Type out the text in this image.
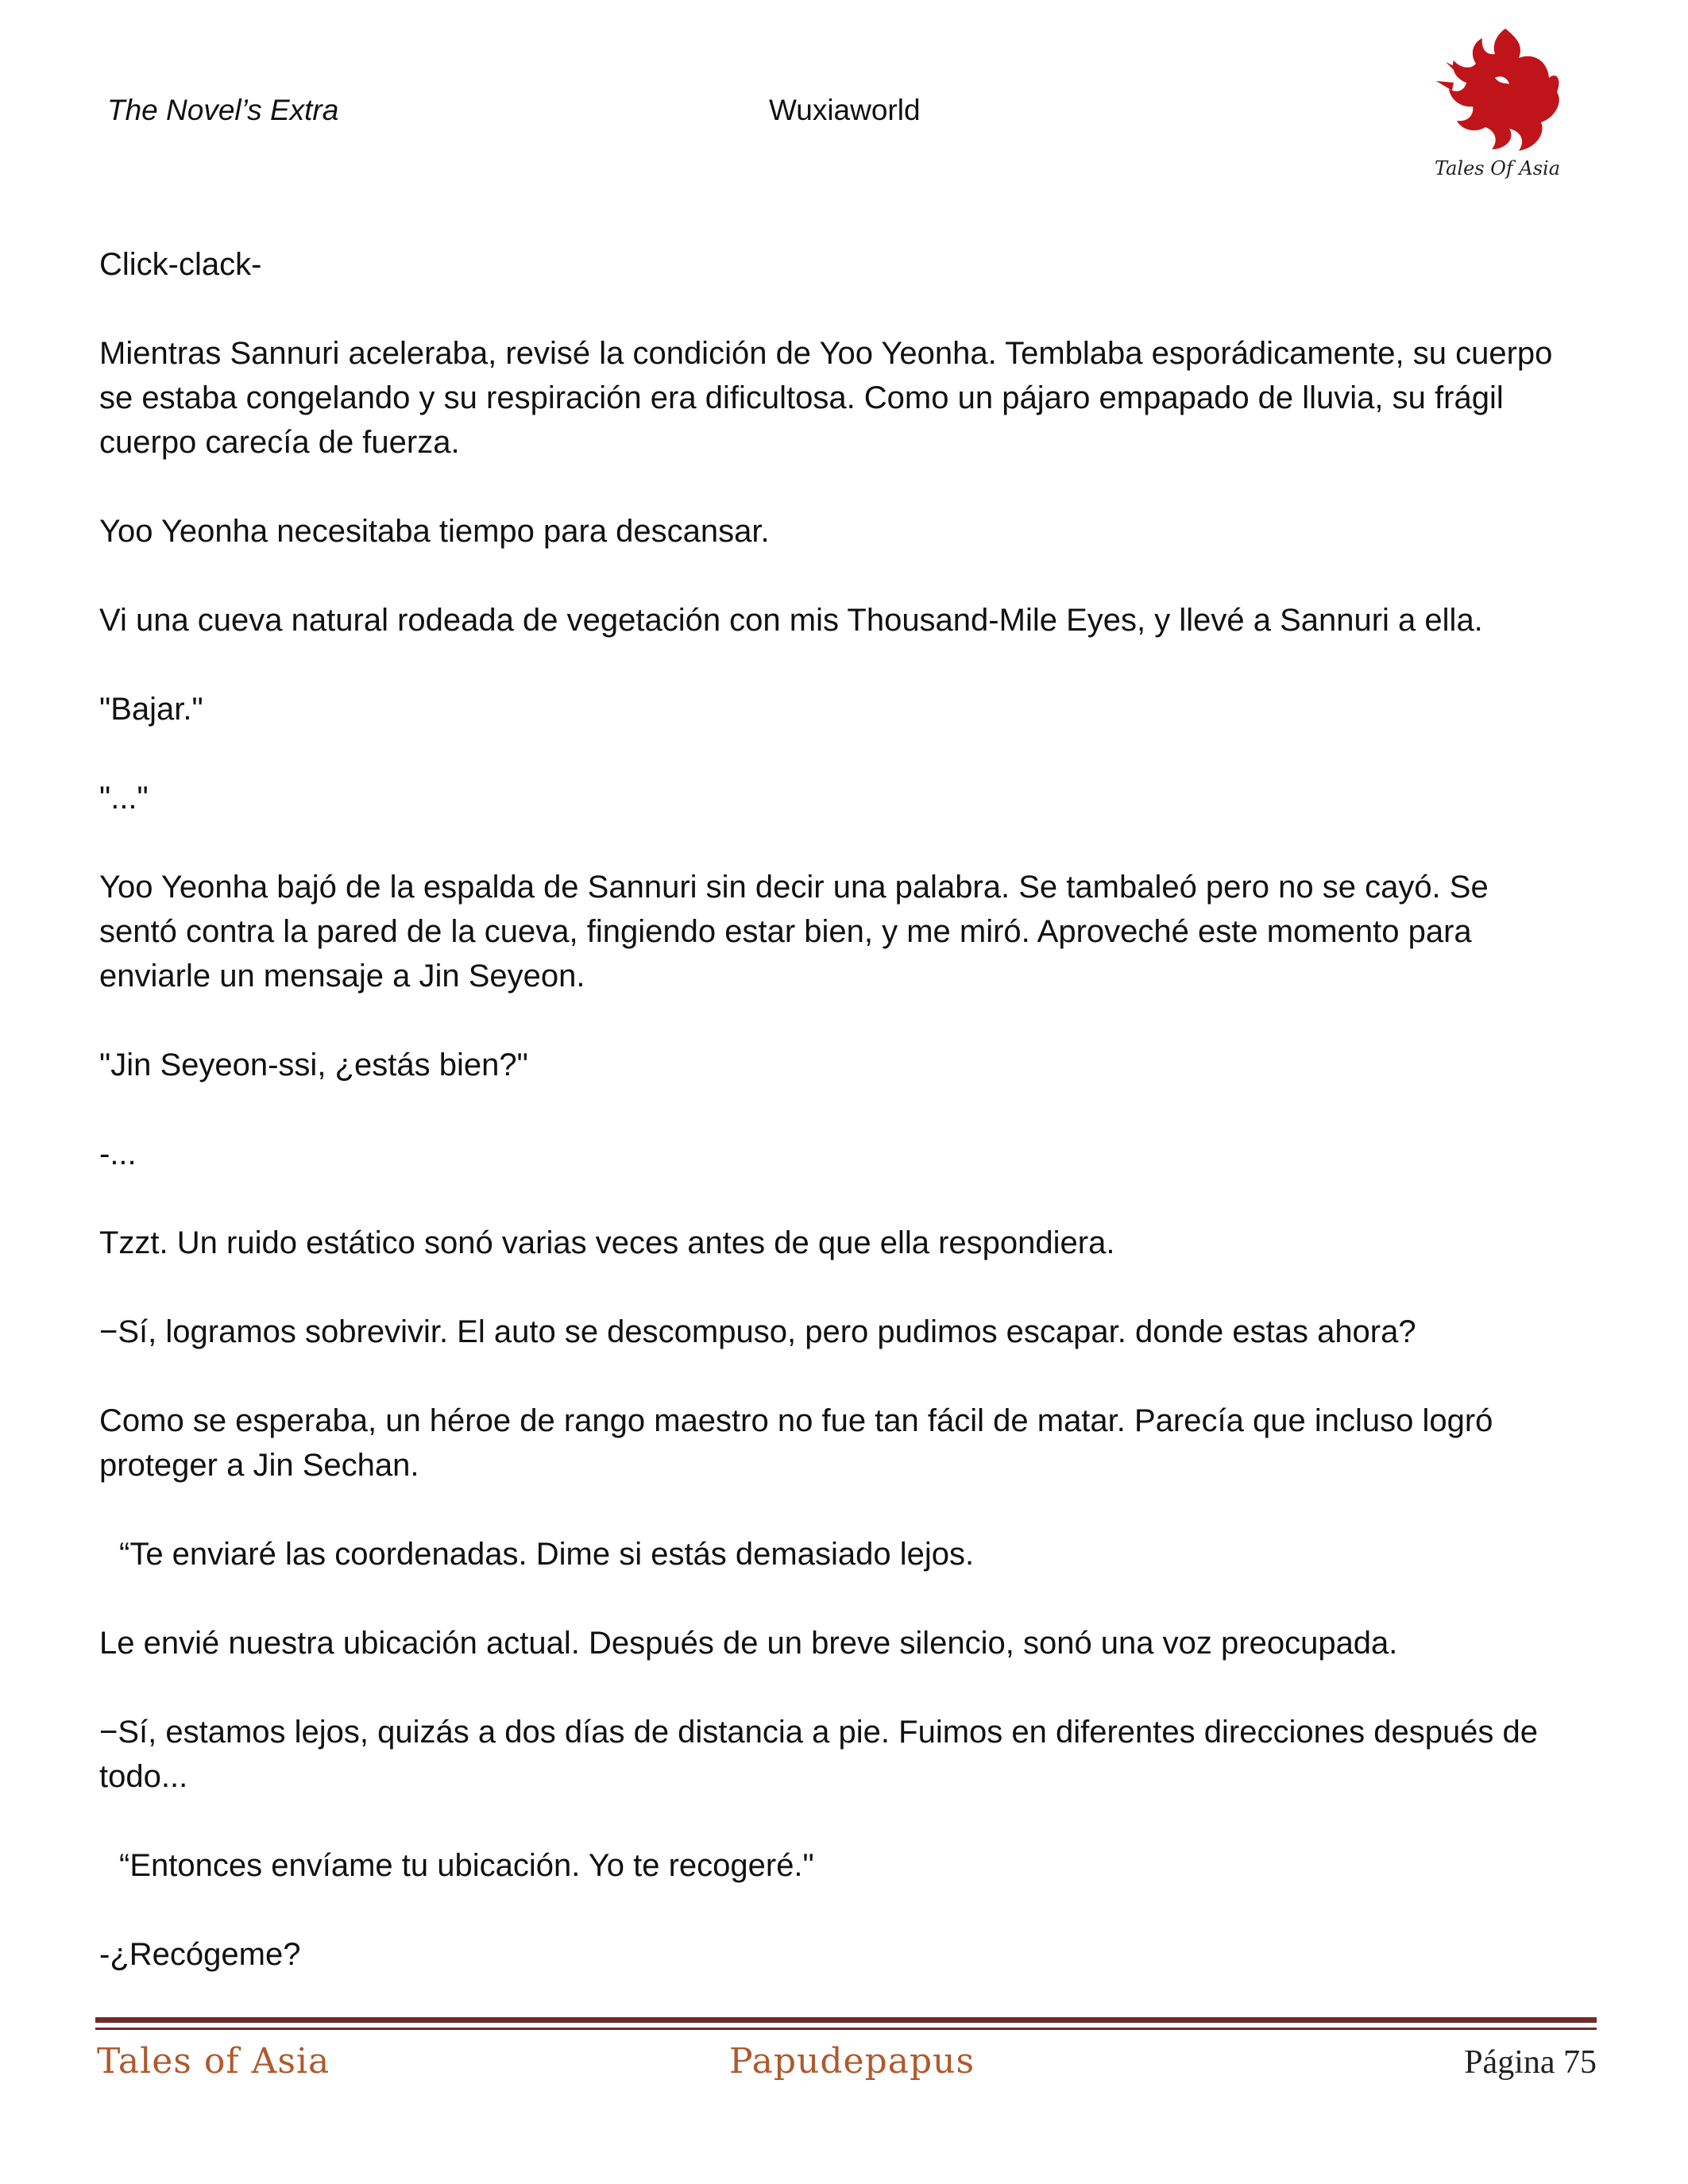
The Novel’s Extra	Wuxiaworld
Tales Of Asia

Click-clack-

Mientras Sannuri aceleraba, revisé la condición de Yoo Yeonha. Temblaba esporádicamente, su cuerpo se estaba congelando y su respiración era dificultosa. Como un pájaro empapado de lluvia, su frágil cuerpo carecía de fuerza.

Yoo Yeonha necesitaba tiempo para descansar.

Vi una cueva natural rodeada de vegetación con mis Thousand-Mile Eyes, y llevé a Sannuri a ella.

"Bajar."

"..."

Yoo Yeonha bajó de la espalda de Sannuri sin decir una palabra. Se tambaleó pero no se cayó. Se sentó contra la pared de la cueva, fingiendo estar bien, y me miró. Aproveché este momento para enviarle un mensaje a Jin Seyeon.

"Jin Seyeon-ssi, ¿estás bien?"

-...

Tzzt. Un ruido estático sonó varias veces antes de que ella respondiera.

−Sí, logramos sobrevivir. El auto se descompuso, pero pudimos escapar. donde estas ahora?

Como se esperaba, un héroe de rango maestro no fue tan fácil de matar. Parecía que incluso logró proteger a Jin Sechan.

“Te enviaré las coordenadas. Dime si estás demasiado lejos.

Le envié nuestra ubicación actual. Después de un breve silencio, sonó una voz preocupada.

−Sí, estamos lejos, quizás a dos días de distancia a pie. Fuimos en diferentes direcciones después de todo...

“Entonces envíame tu ubicación. Yo te recogeré."

-¿Recógeme?

Tales of Asia	Papudepapus	Página 75
